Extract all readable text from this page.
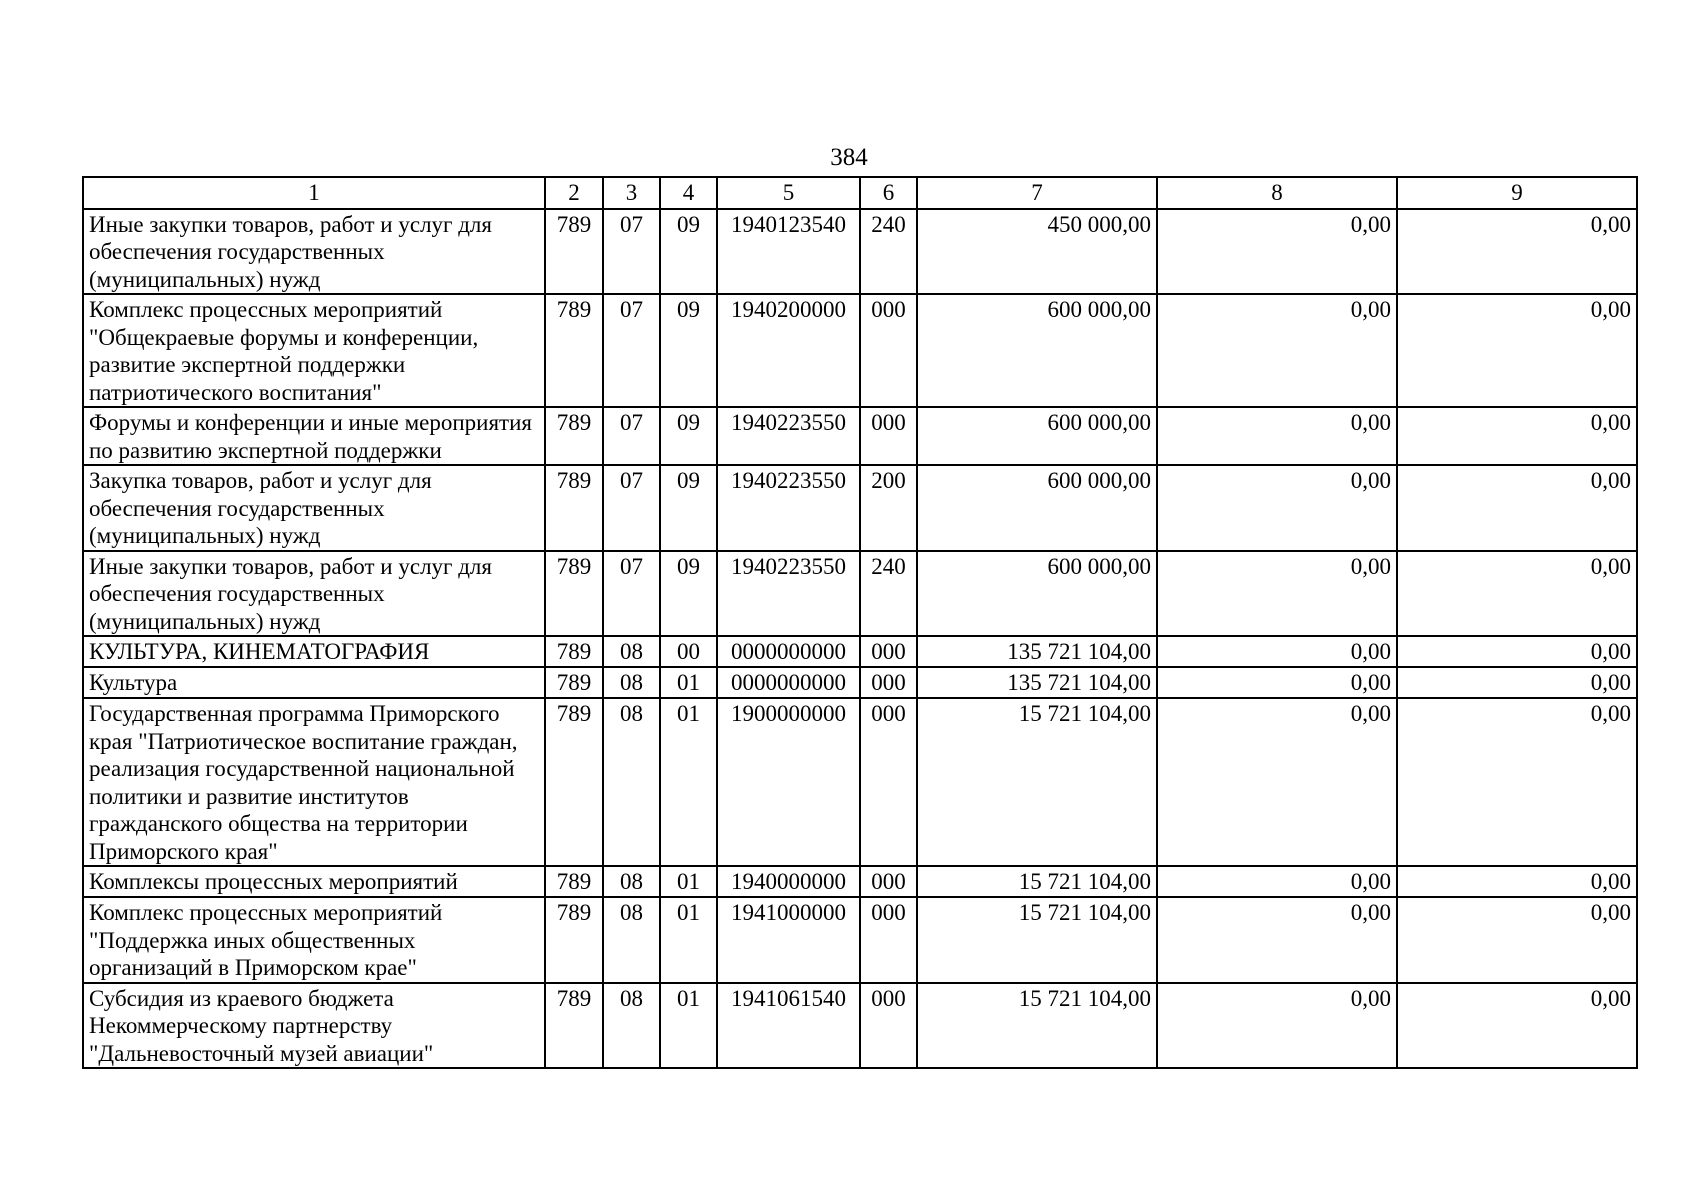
384
1	2	3	4	5	6	7	8	9
Иные закупки товаров, работ и услуг для обеспечения государственных (муниципальных) нужд	789	07	09	1940123540	240	450 000,00	0,00	0,00
Комплекс процессных мероприятий "Общекраевые форумы и конференции, развитие экспертной поддержки патриотического воспитания"	789	07	09	1940200000	000	600 000,00	0,00	0,00
Форумы и конференции и иные мероприятия по развитию экспертной поддержки	789	07	09	1940223550	000	600 000,00	0,00	0,00
Закупка товаров, работ и услуг для обеспечения государственных (муниципальных) нужд	789	07	09	1940223550	200	600 000,00	0,00	0,00
Иные закупки товаров, работ и услуг для обеспечения государственных (муниципальных) нужд	789	07	09	1940223550	240	600 000,00	0,00	0,00
КУЛЬТУРА, КИНЕМАТОГРАФИЯ	789	08	00	0000000000	000	135 721 104,00	0,00	0,00
Культура	789	08	01	0000000000	000	135 721 104,00	0,00	0,00
Государственная программа Приморского края "Патриотическое воспитание граждан, реализация государственной национальной политики и развитие институтов гражданского общества на территории Приморского края"	789	08	01	1900000000	000	15 721 104,00	0,00	0,00
Комплексы процессных мероприятий	789	08	01	1940000000	000	15 721 104,00	0,00	0,00
Комплекс процессных мероприятий "Поддержка иных общественных организаций в Приморском крае"	789	08	01	1941000000	000	15 721 104,00	0,00	0,00
Субсидия из краевого бюджета Некоммерческому партнерству "Дальневосточный музей авиации"	789	08	01	1941061540	000	15 721 104,00	0,00	0,00
